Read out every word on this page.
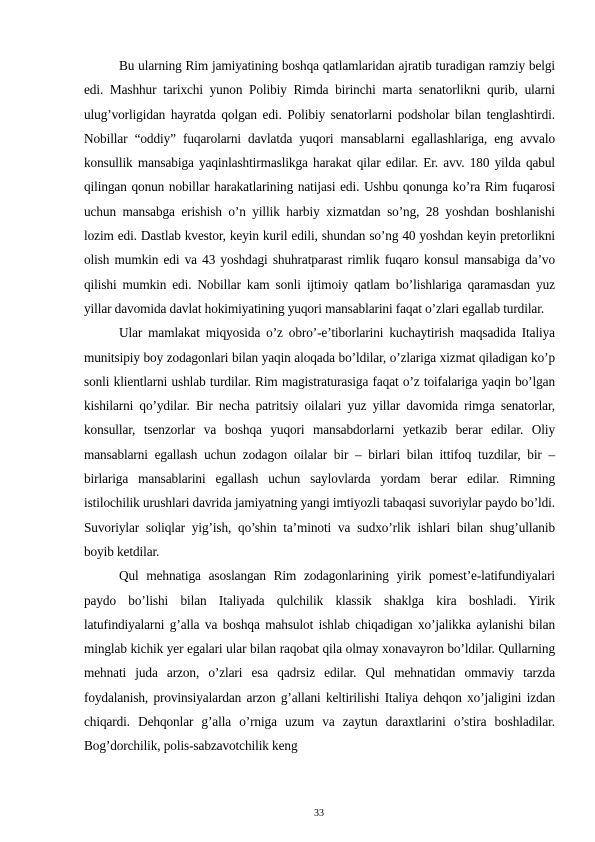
Bu ularning Rim jamiyatining boshqa qatlamlaridan ajratib turadigan ramziy belgi edi. Mashhur tarixchi yunon Polibiy Rimda birinchi marta senatorlikni qurib, ularni ulug’vorligidan hayratda qolgan edi. Polibiy senatorlarni podsholar bilan tenglashtirdi. Nobillar “oddiy” fuqarolarni davlatda yuqori mansablarni egallashlariga, eng avvalo konsullik mansabiga yaqinlashtirmaslikga harakat qilar edilar. Er. avv. 180 yilda qabul qilingan qonun nobillar harakatlarining natijasi edi. Ushbu qonunga ko’ra Rim fuqarosi uchun mansabga erishish o’n yillik harbiy xizmatdan so’ng, 28 yoshdan boshlanishi lozim edi. Dastlab kvestor, keyin kuril edili, shundan so’ng 40 yoshdan keyin pretorlikni olish mumkin edi va 43 yoshdagi shuhratparast rimlik fuqaro konsul mansabiga da’vo qilishi mumkin edi. Nobillar kam sonli ijtimoiy qatlam bo’lishlariga qaramasdan yuz yillar davomida davlat hokimiyatining yuqori mansablarini faqat o’zlari egallab turdilar.

Ular mamlakat miqyosida o’z obro’-e’tiborlarini kuchaytirish maqsadida Italiya munitsipiy boy zodagonlari bilan yaqin aloqada bo’ldilar, o’zlariga xizmat qiladigan ko’p sonli klientlarni ushlab turdilar. Rim magistraturasiga faqat o’z toifalariga yaqin bo’lgan kishilarni qo’ydilar. Bir necha patritsiy oilalari yuz yillar davomida rimga senatorlar, konsullar, tsenzorlar va boshqa yuqori mansabdorlarni yetkazib berar edilar. Oliy mansablarni egallash uchun zodagon oilalar bir – birlari bilan ittifoq tuzdilar, bir – birlariga mansablarini egallash uchun saylovlarda yordam berar edilar. Rimning istilochilik urushlari davrida jamiyatning yangi imtiyozli tabaqasi suvoriylar paydo bo’ldi. Suvoriylar soliqlar yig’ish, qo’shin ta’minoti va sudxo’rlik ishlari bilan shug’ullanib boyib ketdilar.

Qul mehnatiga asoslangan Rim zodagonlarining yirik pomest’e-latifundiyalari paydo bo’lishi bilan Italiyada qulchilik klassik shaklga kira boshladi. Yirik latufindiyalarni g’alla va boshqa mahsulot ishlab chiqadigan xo’jalikka aylanishi bilan minglab kichik yer egalari ular bilan raqobat qila olmay xonavayron bo’ldilar. Qullarning mehnati juda arzon, o’zlari esa qadrsiz edilar. Qul mehnatidan ommaviy tarzda foydalanish, provinsiyalardan arzon g’allani keltirilishi Italiya dehqon xo’jaligini izdan chiqardi. Dehqonlar g’alla o’rniga uzum va zaytun daraxtlarini o’stira boshladilar. Bog’dorchilik, polis-sabzavotchilik keng

33
